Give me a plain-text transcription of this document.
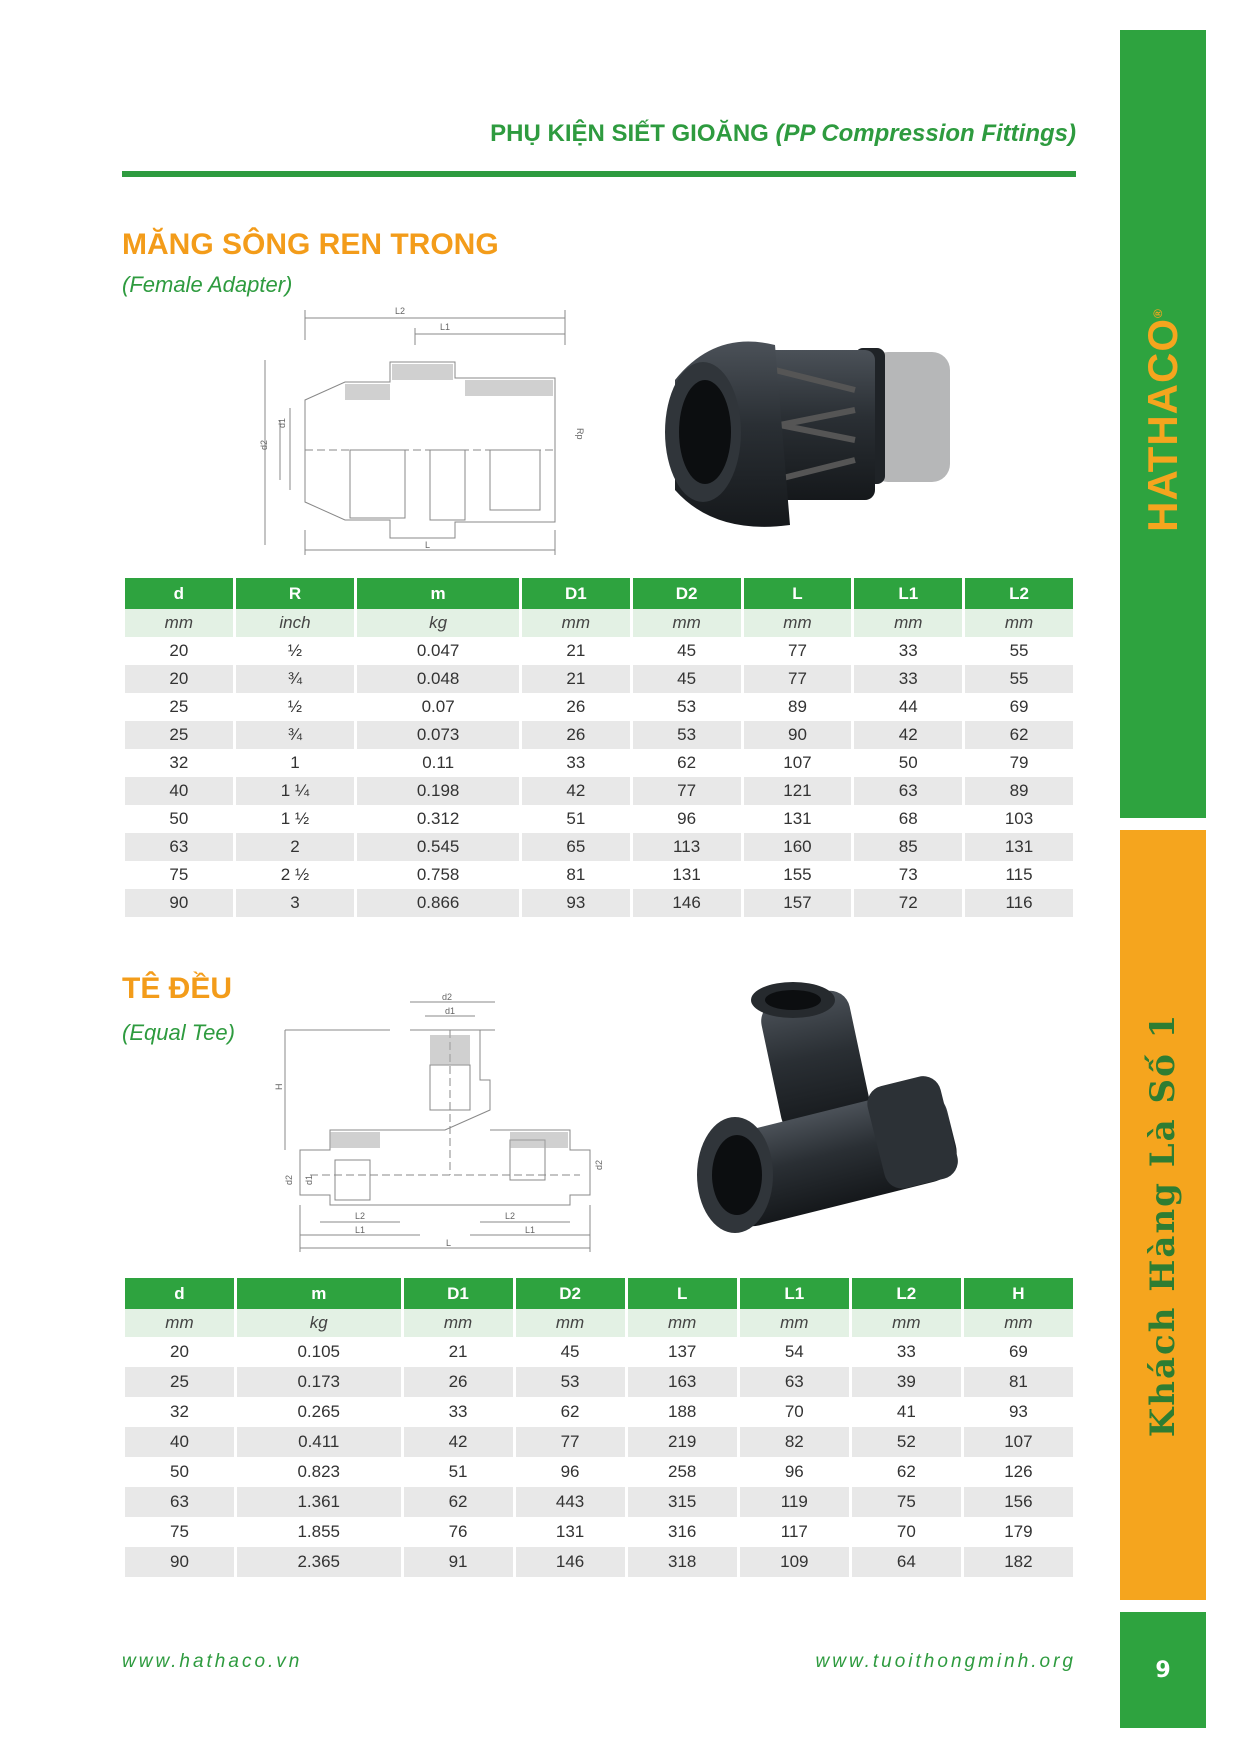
PHỤ KIỆN SIẾT GIOĂNG (PP Compression Fittings)
HATHACO®
Khách Hàng Là Số 1
9
MĂNG SÔNG REN TRONG
(Female Adapter)
L2
L1
d2
d1
Rp
L
d	R	m	D1	D2	L	L1	L2
mm	inch	kg	mm	mm	mm	mm	mm
20	½	0.047	21	45	77	33	55
20	¾	0.048	21	45	77	33	55
25	½	0.07	26	53	89	44	69
25	¾	0.073	26	53	90	42	62
32	1	0.11	33	62	107	50	79
40	1 ¼	0.198	42	77	121	63	89
50	1 ½	0.312	51	96	131	68	103
63	2	0.545	65	113	160	85	131
75	2 ½	0.758	81	131	155	73	115
90	3	0.866	93	146	157	72	116
TÊ ĐỀU
(Equal Tee)
d2
d1
H
d2 d1
d2
L2	L2
L1	L1
L
d	m	D1	D2	L	L1	L2	H
mm	kg	mm	mm	mm	mm	mm	mm
20	0.105	21	45	137	54	33	69
25	0.173	26	53	163	63	39	81
32	0.265	33	62	188	70	41	93
40	0.411	42	77	219	82	52	107
50	0.823	51	96	258	96	62	126
63	1.361	62	443	315	119	75	156
75	1.855	76	131	316	117	70	179
90	2.365	91	146	318	109	64	182
www.hathaco.vn	www.tuoithongminh.org
